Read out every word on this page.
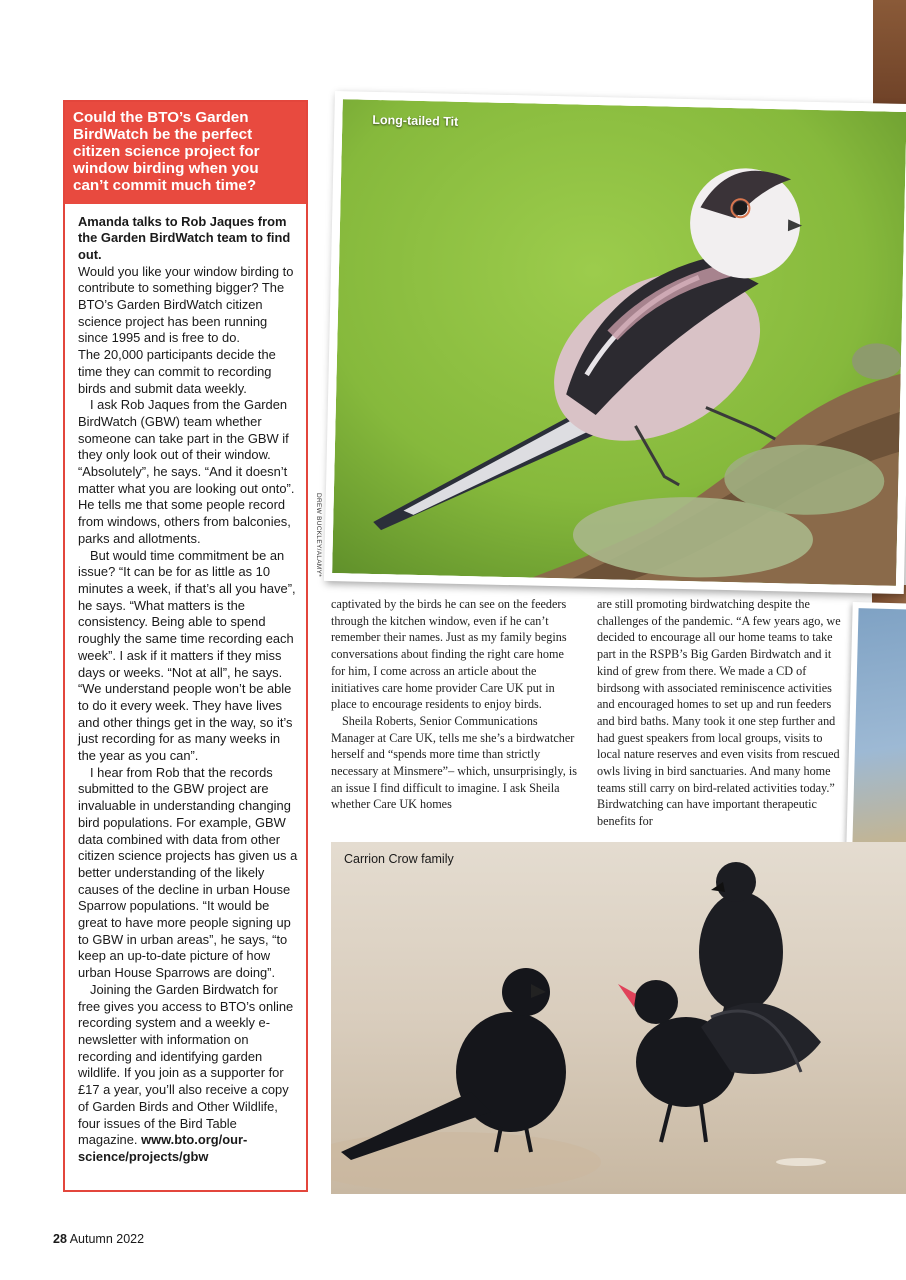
Could the BTO’s Garden BirdWatch be the perfect citizen science project for window birding when you can’t commit much time?

Amanda talks to Rob Jaques from the Garden BirdWatch team to find out.

Would you like your window birding to contribute to something bigger? The BTO’s Garden BirdWatch citizen science project has been running since 1995 and is free to do.

The 20,000 participants decide the time they can commit to recording birds and submit data weekly.

I ask Rob Jaques from the Garden BirdWatch (GBW) team whether someone can take part in the GBW if they only look out of their window. “Absolutely”, he says. “And it doesn’t matter what you are looking out onto”. He tells me that some people record from windows, others from balconies, parks and allotments.

But would time commitment be an issue? “It can be for as little as 10 minutes a week, if that’s all you have”, he says. “What matters is the consistency. Being able to spend roughly the same time recording each week”. I ask if it matters if they miss days or weeks. “Not at all”, he says. “We understand people won’t be able to do it every week. They have lives and other things get in the way, so it’s just recording for as many weeks in the year as you can”.

I hear from Rob that the records submitted to the GBW project are invaluable in understanding changing bird populations. For example, GBW data combined with data from other citizen science projects has given us a better understanding of the likely causes of the decline in urban House Sparrow populations. “It would be great to have more people signing up to GBW in urban areas”, he says, “to keep an up-to-date picture of how urban House Sparrows are doing”.

Joining the Garden Birdwatch for free gives you access to BTO’s online recording system and a weekly e-newsletter with information on recording and identifying garden wildlife. If you join as a supporter for £17 a year, you’ll also receive a copy of Garden Birds and Other Wildlife, four issues of the Bird Table magazine. www.bto.org/our-science/projects/gbw

Long-tailed Tit
DREW BUCKLEY/ALAMY*

captivated by the birds he can see on the feeders through the kitchen window, even if he can’t remember their names. Just as my family begins conversations about finding the right care home for him, I come across an article about the initiatives care home provider Care UK put in place to encourage residents to enjoy birds.

Sheila Roberts, Senior Communications Manager at Care UK, tells me she’s a birdwatcher herself and “spends more time than strictly necessary at Minsmere”– which, unsurprisingly, is an issue I find difficult to imagine. I ask Sheila whether Care UK homes

are still promoting birdwatching despite the challenges of the pandemic. “A few years ago, we decided to encourage all our home teams to take part in the RSPB’s Big Garden Birdwatch and it kind of grew from there. We made a CD of birdsong with associated reminiscence activities and encouraged homes to set up and run feeders and bird baths. Many took it one step further and had guest speakers from local groups, visits to local nature reserves and even visits from rescued owls living in bird sanctuaries. And many home teams still carry on bird-related activities today.” Birdwatching can have important therapeutic benefits for

Carrion Crow family
28 Autumn 2022
